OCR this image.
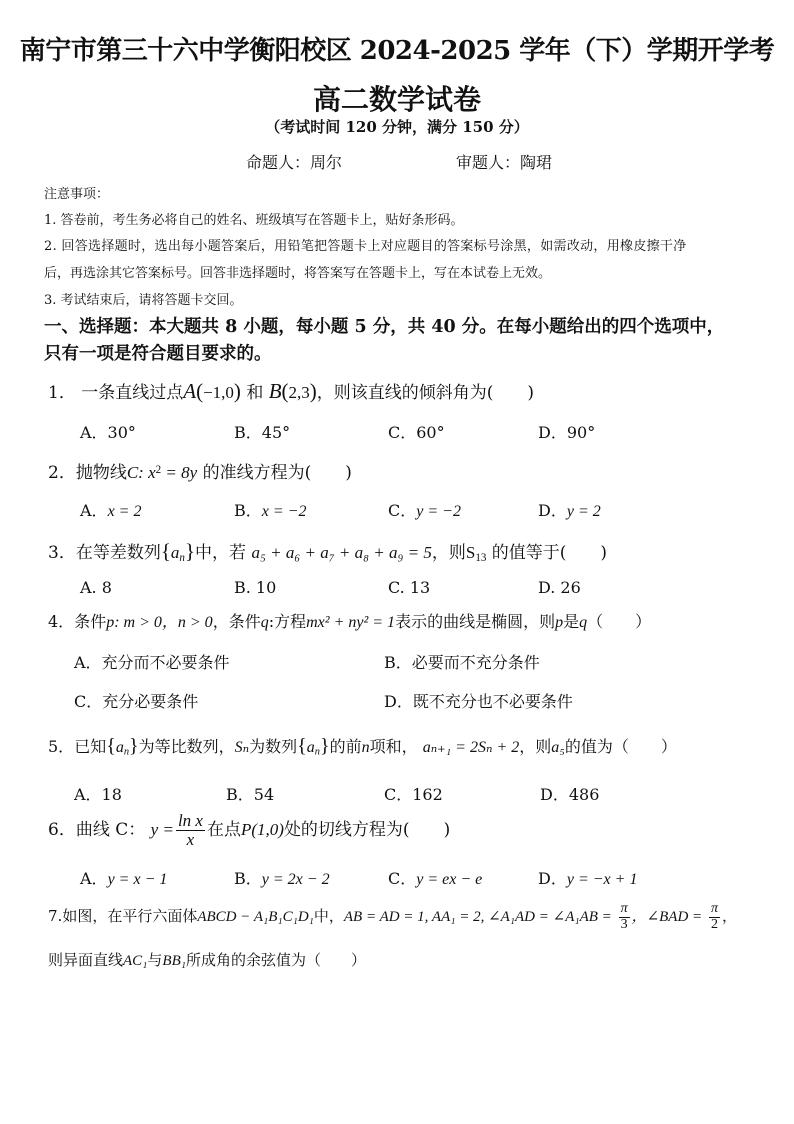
南宁市第三十六中学衡阳校区 2024-2025 学年（下）学期开学考
高二数学试卷
（考试时间 120 分钟，满分 150 分）
命题人：周尔	审题人：陶珺
注意事项：
1. 答卷前，考生务必将自己的姓名、班级填写在答题卡上，贴好条形码。
2. 回答选择题时，选出每小题答案后，用铅笔把答题卡上对应题目的答案标号涂黑，如需改动，用橡皮擦干净
后，再选涂其它答案标号。回答非选择题时，将答案写在答题卡上，写在本试卷上无效。
3. 考试结束后，请将答题卡交回。
一、选择题：本大题共 8 小题，每小题 5 分，共 40 分。在每小题给出的四个选项中，
只有一项是符合题目要求的。
1． 一条直线过点A(−1,0) 和 B(2,3)，则该直线的倾斜角为(　　)
A．30°	B．45°	C．60°	D．90°
2．抛物线C: $x^2 = 8y$ 的准线方程为(　　)
A．x = 2	B．x = −2	C．y = −2	D．y = 2
3．在等差数列$\{a_n\}$中，若 a₅ + a₆ + a₇ + a₈ + a₉ = 5，则$S_{13}$ 的值等于(　　)
A. 8	B. 10	C. 13	D. 26
4．条件p: m > 0，n > 0，条件q:方程mx² + ny² = 1表示的曲线是椭圆，则p是q（　　）
A．充分而不必要条件	B．必要而不充分条件
C．充分必要条件	D．既不充分也不必要条件
5．已知$\{a_n\}$为等比数列，Sₙ为数列$\{a_n\}$的前n项和， aₙ₊₁ = 2Sₙ + 2，则a₅的值为（　　）
A．18	B．54	C．162	D．486
6．曲线 C： $y = \frac{\text{ln x}}{x}$ 在点P(1,0)处的切线方程为(　　)
A．y = x − 1	B．y = 2x − 2	C．y = ex − e	D．y = −x + 1
7.如图，在平行六面体ABCD − A₁B₁C₁D₁中，AB = AD = 1, AA₁ = 2, ∠A₁AD = ∠A₁AB = $\frac{\pi}{3}$ ，∠BAD = $\frac{\pi}{2}$ ，
则异面直线AC₁与BB₁所成角的余弦值为（　　）
